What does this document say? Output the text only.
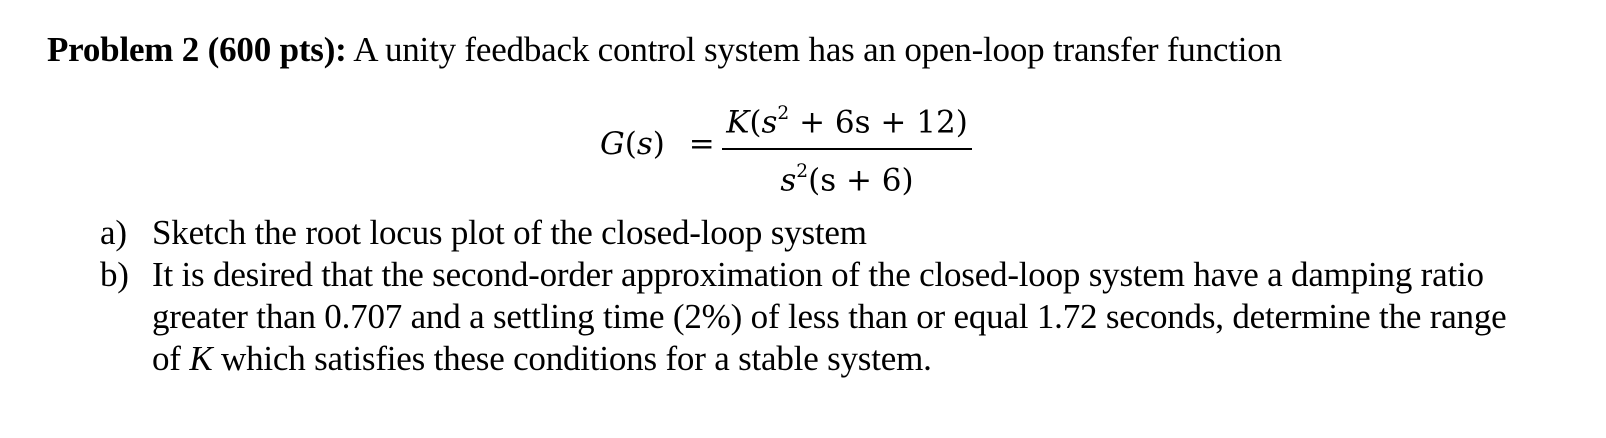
Problem 2 (600 pts): A unity feedback control system has an open-loop transfer function
G(s) =
$K(s^2 + 6s + 12)$
$s^2(s + 6)$
a) Sketch the root locus plot of the closed-loop system
b) It is desired that the second-order approximation of the closed-loop system have a damping ratio
greater than 0.707 and a settling time (2%) of less than or equal 1.72 seconds, determine the range
of K which satisfies these conditions for a stable system.
